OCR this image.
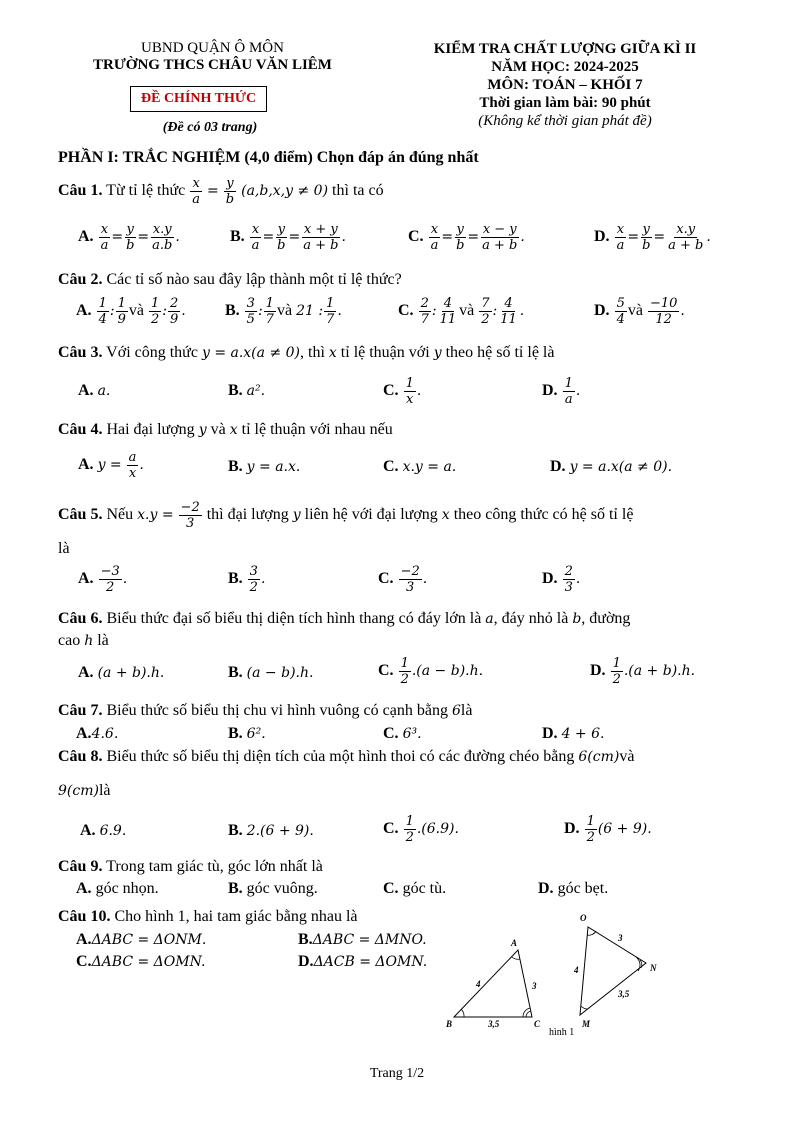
UBND QUẬN Ô MÔN
TRƯỜNG THCS CHÂU VĂN LIÊM
ĐỀ CHÍNH THỨC
(Đề có 03 trang)
KIỂM TRA CHẤT LƯỢNG GIỮA KÌ II
NĂM HỌC: 2024-2025
MÔN: TOÁN – KHỐI 7
Thời gian làm bài: 90 phút
(Không kể thời gian phát đề)
PHẦN I: TRẮC NGHIỆM (4,0 điểm) Chọn đáp án đúng nhất
Câu 1. Từ tỉ lệ thức $\frac{x}{a} = \frac{y}{b} (a,b,x,y \ne 0)$ thì ta có
A. $\frac{x}{a} = \frac{y}{b} = \frac{x.y}{a.b}$ .	B. $\frac{x}{a} = \frac{y}{b} = \frac{x + y}{a + b}$ .	C. $\frac{x}{a} = \frac{y}{b} = \frac{x - y}{a + b}$ .	D. $\frac{x}{a} = \frac{y}{b} = \frac{x.y}{a + b}$ .
Câu 2. Các tỉ số nào sau đây lập thành một tỉ lệ thức?
A. $\frac{1}{4}$ : $\frac{1}{9}$ và $\frac{1}{2}$ : $\frac{2}{9}$ . B. $\frac{3}{5}$ : $\frac{1}{7}$ và 21 : $\frac{1}{7}$ .	C. $\frac{2}{7}$ : $\frac{4}{11}$ và $\frac{7}{2}$ : $\frac{4}{11}$ .	D. $\frac{5}{4}$ và $\frac{-10}{12}$ .
Câu 3. Với công thức y = a.x(a ≠ 0), thì x tỉ lệ thuận với y theo hệ số tỉ lệ là
A. a.	B. a².	C. $\frac{1}{x}$ .	D. $\frac{1}{a}$ .
Câu 4. Hai đại lượng y và x tỉ lệ thuận với nhau nếu
A. $y = \frac{a}{x}$ .	B. y = a.x.	C. x.y = a.	D. y = a.x(a ≠ 0).
Câu 5. Nếu $x.y = \frac{-2}{3}$ thì đại lượng y liên hệ với đại lượng x theo công thức có hệ số tỉ lệ
là
A. $\frac{-3}{2}$ .	B. $\frac{3}{2}$ .	C. $\frac{-2}{3}$ .	D. $\frac{2}{3}$ .
Câu 6. Biểu thức đại số biểu thị diện tích hình thang có đáy lớn là a, đáy nhỏ là b, đường
cao h là
A. (a + b).h.	B. (a − b).h.	C. $\frac{1}{2} .(a - b).h$.	D. $\frac{1}{2} .(a + b).h$.
Câu 7. Biểu thức số biểu thị chu vi hình vuông có cạnh bằng 6là
A.4.6.	B. 6².	C. 6³.	D. 4 + 6.
Câu 8. Biểu thức số biểu thị diện tích của một hình thoi có các đường chéo bằng 6(cm)và
9(cm)là
A. 6.9.	B. 2.(6 + 9).	C. $\frac{1}{2} .(6.9)$.	D. $\frac{1}{2} (6 + 9)$.
Câu 9. Trong tam giác tù, góc lớn nhất là
A. góc nhọn.	B. góc vuông.	C. góc tù.	D. góc bẹt.
Câu 10. Cho hình 1, hai tam giác bằng nhau là
A.ΔABC = ΔONM.	B.ΔABC = ΔMNO.
C.ΔABC = ΔOMN.	D.ΔACB = ΔOMN.
A
B	C
4	3
3,5
O
N
M
4
3
3,5
hình 1
Trang 1/2
